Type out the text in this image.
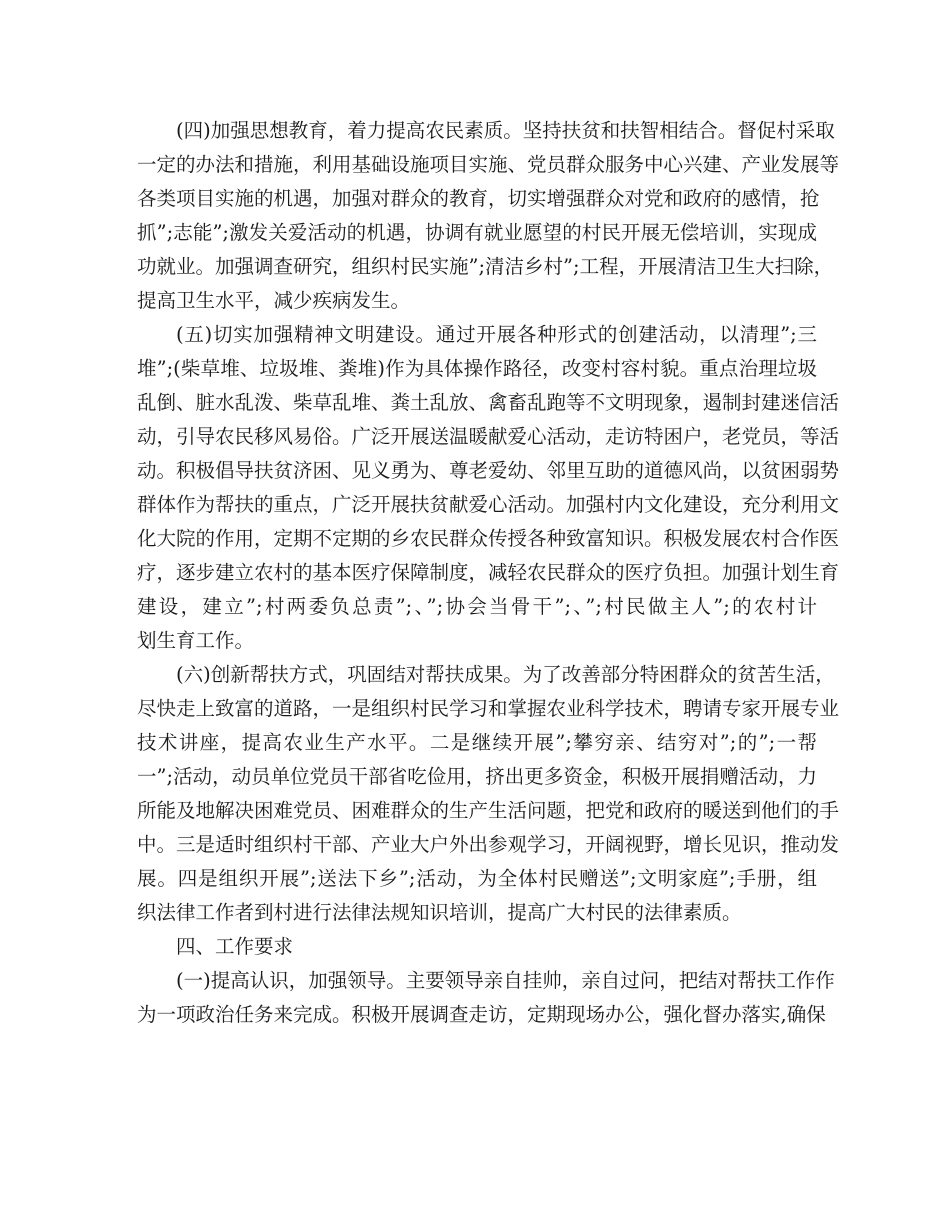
(四)加强思想教育，着力提高农民素质。坚持扶贫和扶智相结合。督促村采取
一定的办法和措施，利用基础设施项目实施、党员群众服务中心兴建、产业发展等
各类项目实施的机遇，加强对群众的教育，切实增强群众对党和政府的感情，抢
抓”;志能”;激发关爱活动的机遇，协调有就业愿望的村民开展无偿培训，实现成
功就业。加强调查研究，组织村民实施”;清洁乡村”;工程，开展清洁卫生大扫除，
提高卫生水平，减少疾病发生。
(五)切实加强精神文明建设。通过开展各种形式的创建活动，以清理”;三
堆”;(柴草堆、垃圾堆、粪堆)作为具体操作路径，改变村容村貌。重点治理垃圾
乱倒、脏水乱泼、柴草乱堆、粪土乱放、禽畜乱跑等不文明现象，遏制封建迷信活
动，引导农民移风易俗。广泛开展送温暖献爱心活动，走访特困户，老党员，等活
动。积极倡导扶贫济困、见义勇为、尊老爱幼、邻里互助的道德风尚，以贫困弱势
群体作为帮扶的重点，广泛开展扶贫献爱心活动。加强村内文化建设，充分利用文
化大院的作用，定期不定期的乡农民群众传授各种致富知识。积极发展农村合作医
疗，逐步建立农村的基本医疗保障制度，减轻农民群众的医疗负担。加强计划生育
建设，建立”;村两委负总责”;、”;协会当骨干”;、”;村民做主人”;的农村计
划生育工作。
(六)创新帮扶方式，巩固结对帮扶成果。为了改善部分特困群众的贫苦生活，
尽快走上致富的道路，一是组织村民学习和掌握农业科学技术，聘请专家开展专业
技术讲座，提高农业生产水平。二是继续开展”;攀穷亲、结穷对”;的”;一帮
一”;活动，动员单位党员干部省吃俭用，挤出更多资金，积极开展捐赠活动，力
所能及地解决困难党员、困难群众的生产生活问题，把党和政府的暖送到他们的手
中。三是适时组织村干部、产业大户外出参观学习，开阔视野，增长见识，推动发
展。四是组织开展”;送法下乡”;活动，为全体村民赠送”;文明家庭”;手册，组
织法律工作者到村进行法律法规知识培训，提高广大村民的法律素质。
四、工作要求
(一)提高认识，加强领导。主要领导亲自挂帅，亲自过问，把结对帮扶工作作
为一项政治任务来完成。积极开展调查走访，定期现场办公，强化督办落实,确保
